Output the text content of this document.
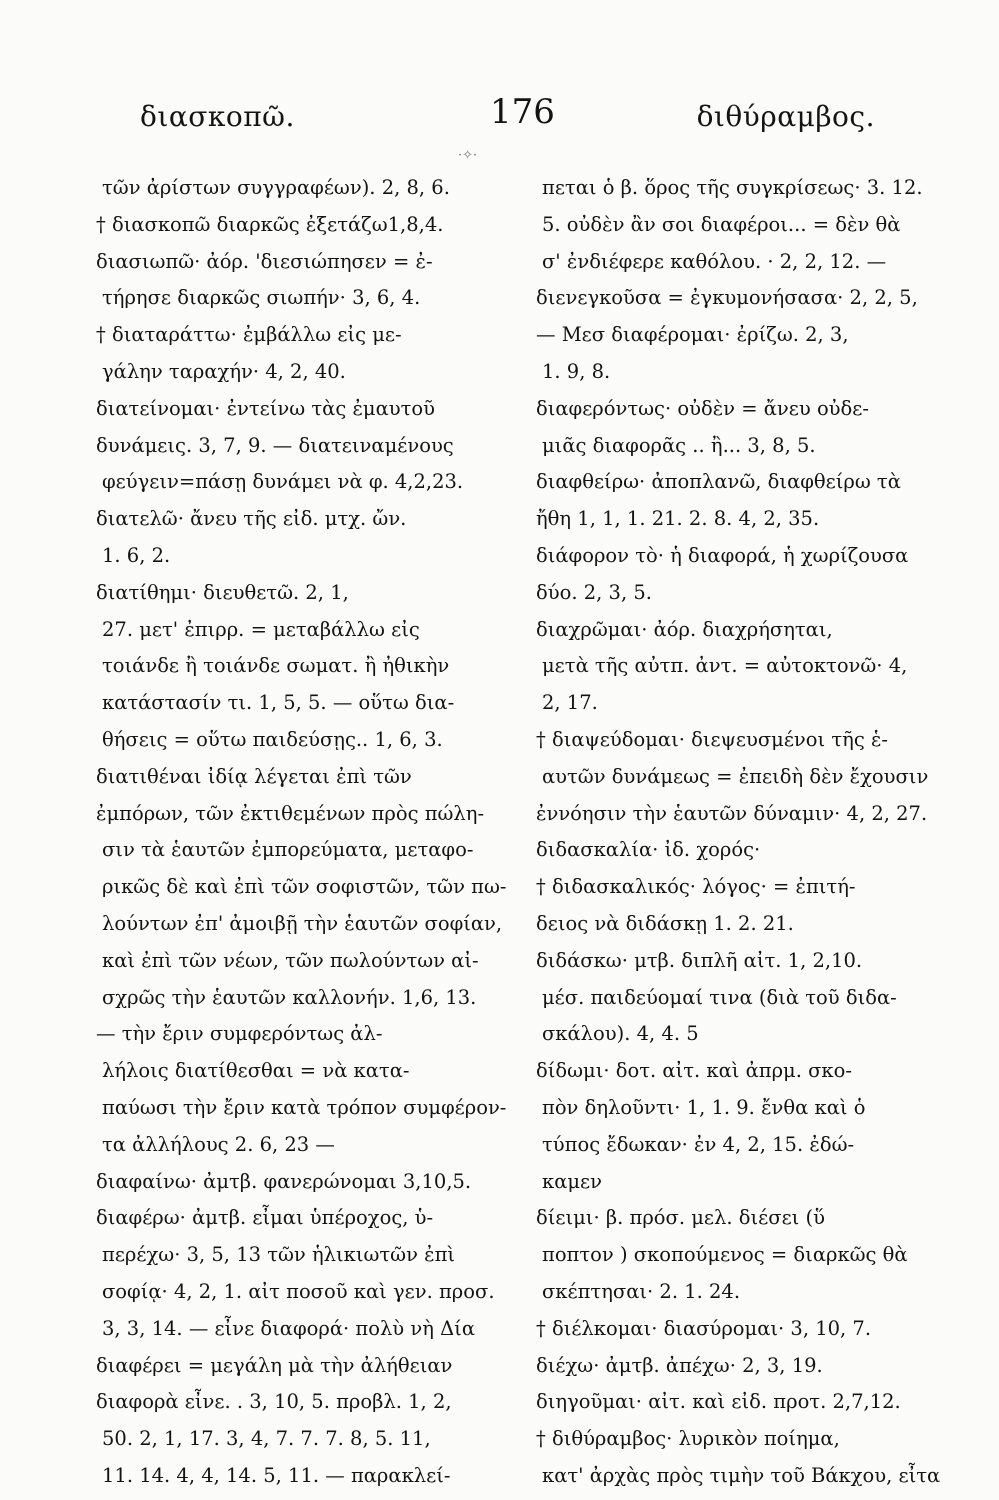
διασκοπῶ.	176	διθύραμβος.
·✧·
τῶν ἀρίστων συγγραφέων). 2, 8, 6.
† διασκοπῶ διαρκῶς ἐξετάζω1,8,4.
διασιωπῶ· ἀόρ. 'διεσιώπησεν = ἐ-
τήρησε διαρκῶς σιωπήν· 3, 6, 4.
† διαταράττω· ἐμβάλλω εἰς με-
γάλην ταραχήν· 4, 2, 40.
διατείνομαι· ἐντείνω τὰς ἐμαυτοῦ
δυνάμεις. 3, 7, 9. — διατειναμένους
φεύγειν=πάσῃ δυνάμει νὰ φ. 4,2,23.
διατελῶ· ἄνευ τῆς εἰδ. μτχ. ὤν.
1. 6, 2.
διατίθημι· διευθετῶ. 2, 1,
27. μετ' ἐπιρρ. = μεταβάλλω εἰς
τοιάνδε ἢ τοιάνδε σωματ. ἢ ἠθικὴν
κατάστασίν τι. 1, 5, 5. — οὕτω δια-
θήσεις = οὕτω παιδεύσῃς.. 1, 6, 3.
διατιθέναι ἰδίᾳ λέγεται ἐπὶ τῶν
ἐμπόρων, τῶν ἐκτιθεμένων πρὸς πώλη-
σιν τὰ ἑαυτῶν ἐμπορεύματα, μεταφο-
ρικῶς δὲ καὶ ἐπὶ τῶν σοφιστῶν, τῶν πω-
λούντων ἐπ' ἀμοιβῇ τὴν ἑαυτῶν σοφίαν,
καὶ ἐπὶ τῶν νέων, τῶν πωλούντων αἰ-
σχρῶς τὴν ἑαυτῶν καλλονήν. 1,6, 13.
— τὴν ἔριν συμφερόντως ἀλ-
λήλοις διατίθεσθαι = νὰ κατα-
παύωσι τὴν ἔριν κατὰ τρόπον συμφέρον-
τα ἀλλήλους 2. 6, 23 —
διαφαίνω· ἀμτβ. φανερώνομαι 3,10,5.
διαφέρω· ἀμτβ. εἶμαι ὑπέροχος, ὑ-
περέχω· 3, 5, 13 τῶν ἡλικιωτῶν ἐπὶ
σοφίᾳ· 4, 2, 1. αἰτ ποσοῦ καὶ γεν. προσ.
3, 3, 14. — εἶνε διαφορά· πολὺ νὴ Δία
διαφέρει = μεγάλη μὰ τὴν ἀλήθειαν
διαφορὰ εἶνε. . 3, 10, 5. προβλ. 1, 2,
50. 2, 1, 17. 3, 4, 7. 7. 7. 8, 5. 11,
11. 14. 4, 4, 14. 5, 11. — παρακλεί-
πεται ὁ β. ὅρος τῆς συγκρίσεως· 3. 12.
5. οὐδὲν ἂν σοι διαφέροι... = δὲν θὰ
σ' ἐνδιέφερε καθόλου. · 2, 2, 12. —
διενεγκοῦσα = ἐγκυμονήσασα· 2, 2, 5,
— Μεσ διαφέρομαι· ἐρίζω. 2, 3,
1. 9, 8.
διαφερόντως· οὐδὲν = ἄνευ οὐδε-
μιᾶς διαφορᾶς .. ἢ... 3, 8, 5.
διαφθείρω· ἀποπλανῶ, διαφθείρω τὰ
ἤθη 1, 1, 1. 21. 2. 8. 4, 2, 35.
διάφορον τὸ· ἡ διαφορά, ἡ χωρίζουσα
δύο. 2, 3, 5.
διαχρῶμαι· ἀόρ. διαχρήσηται,
μετὰ τῆς αὐτπ. ἀντ. = αὐτοκτονῶ· 4,
2, 17.
† διαψεύδομαι· διεψευσμένοι τῆς ἑ-
αυτῶν δυνάμεως = ἐπειδὴ δὲν ἔχουσιν
ἐννόησιν τὴν ἑαυτῶν δύναμιν· 4, 2, 27.
διδασκαλία· ἰδ. χορός·
† διδασκαλικός· λόγος· = ἐπιτή-
δειος νὰ διδάσκῃ 1. 2. 21.
διδάσκω· μτβ. διπλῆ αἰτ. 1, 2,10.
μέσ. παιδεύομαί τινα (διὰ τοῦ διδα-
σκάλου). 4, 4. 5
δίδωμι· δοτ. αἰτ. καὶ ἀπρμ. σκο-
πὸν δηλοῦντι· 1, 1. 9. ἔνθα καὶ ὁ
τύπος ἔδωκαν· ἐν 4, 2, 15. ἐδώ-
καμεν
δίειμι· β. πρόσ. μελ. διέσει (ὕ
ποπτον ) σκοπούμενος = διαρκῶς θὰ
σκέπτησαι· 2. 1. 24.
† διέλκομαι· διασύρομαι· 3, 10, 7.
διέχω· ἀμτβ. ἀπέχω· 2, 3, 19.
διηγοῦμαι· αἰτ. καὶ εἰδ. προτ. 2,7,12.
† διθύραμβος· λυρικὸν ποίημα,
κατ' ἀρχὰς πρὸς τιμὴν τοῦ Βάκχου, εἶτα
